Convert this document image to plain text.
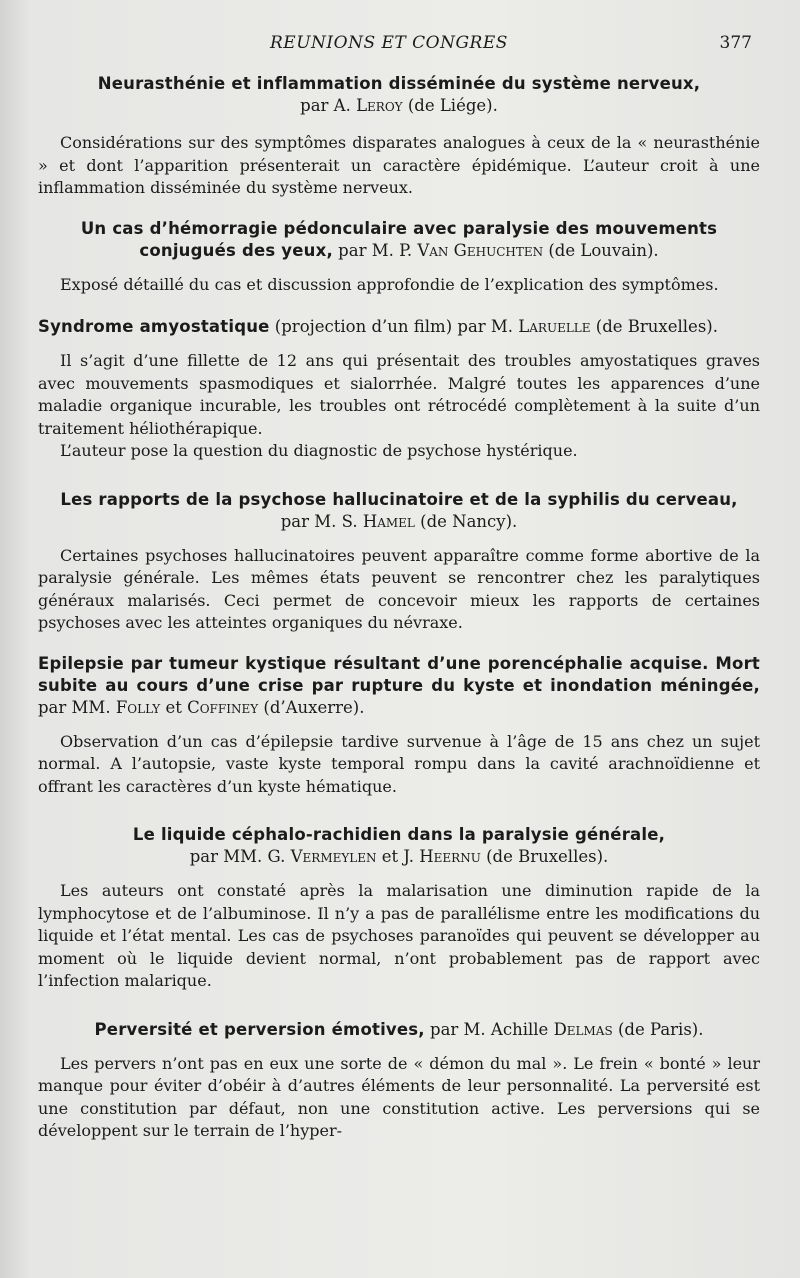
REUNIONS ET CONGRES	377
Neurasthénie et inflammation disséminée du système nerveux,
par A. Leroy (de Liége).

Considérations sur des symptômes disparates analogues à ceux de la « neurasthénie » et dont l’apparition présenterait un caractère épidémique. L’auteur croit à une inflammation disséminée du système nerveux.

Un cas d’hémorragie pédonculaire avec paralysie des mouvements conjugués des yeux, par M. P. Van Gehuchten (de Louvain).

Exposé détaillé du cas et discussion approfondie de l’explication des symptômes.

Syndrome amyostatique (projection d’un film) par M. Laruelle (de Bruxelles).

Il s’agit d’une fillette de 12 ans qui présentait des troubles amyostatiques graves avec mouvements spasmodiques et sialorrhée. Malgré toutes les apparences d’une maladie organique incurable, les troubles ont rétrocédé complètement à la suite d’un traitement héliothérapique.

L’auteur pose la question du diagnostic de psychose hystérique.

Les rapports de la psychose hallucinatoire et de la syphilis du cerveau,
par M. S. Hamel (de Nancy).

Certaines psychoses hallucinatoires peuvent apparaître comme forme abortive de la paralysie générale. Les mêmes états peuvent se rencontrer chez les paralytiques généraux malarisés. Ceci permet de concevoir mieux les rapports de certaines psychoses avec les atteintes organiques du névraxe.

Epilepsie par tumeur kystique résultant d’une porencéphalie acquise. Mort subite au cours d’une crise par rupture du kyste et inondation méningée, par MM. Folly et Coffiney (d’Auxerre).

Observation d’un cas d’épilepsie tardive survenue à l’âge de 15 ans chez un sujet normal. A l’autopsie, vaste kyste temporal rompu dans la cavité arachnoïdienne et offrant les caractères d’un kyste hématique.

Le liquide céphalo-rachidien dans la paralysie générale,
par MM. G. Vermeylen et J. Heernu (de Bruxelles).

Les auteurs ont constaté après la malarisation une diminution rapide de la lymphocytose et de l’albuminose. Il n’y a pas de parallélisme entre les modifications du liquide et l’état mental. Les cas de psychoses paranoïdes qui peuvent se développer au moment où le liquide devient normal, n’ont probablement pas de rapport avec l’infection malarique.

Perversité et perversion émotives, par M. Achille Delmas (de Paris).

Les pervers n’ont pas en eux une sorte de « démon du mal ». Le frein « bonté » leur manque pour éviter d’obéir à d’autres éléments de leur personnalité. La perversité est une constitution par défaut, non une constitution active. Les perversions qui se développent sur le terrain de l’hyper-
